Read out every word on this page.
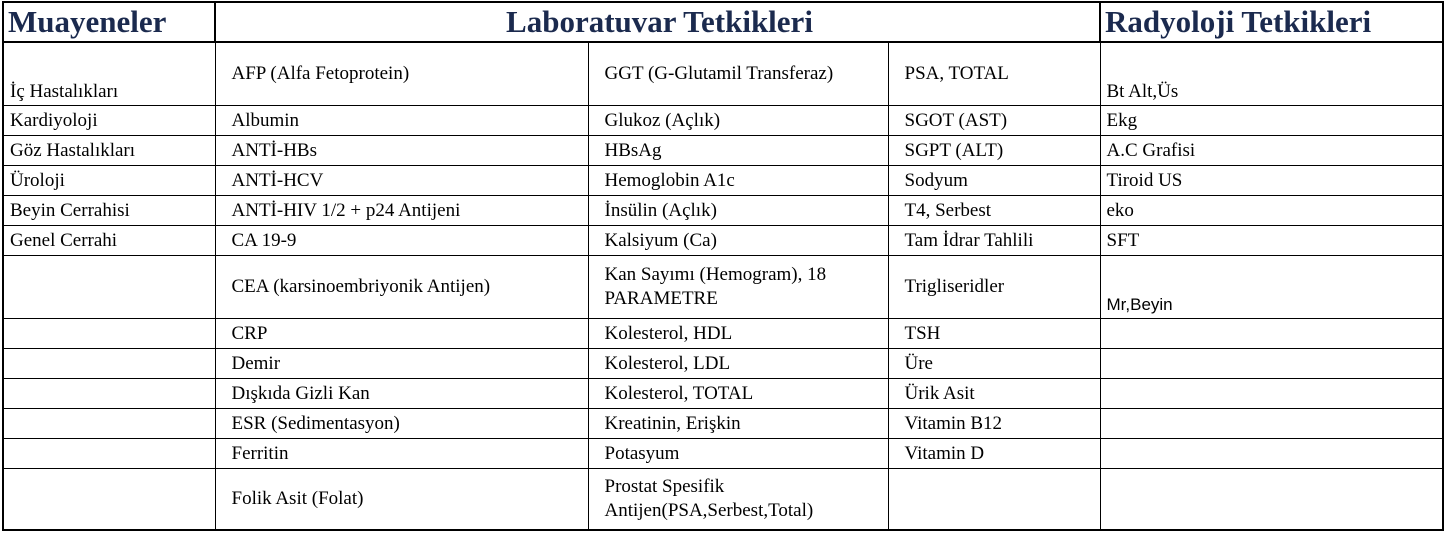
Muayeneler	Laboratuvar Tetkikleri			Radyoloji Tetkikleri
İç Hastalıkları	AFP (Alfa Fetoprotein)	GGT (G-Glutamil Transferaz)	PSA, TOTAL	Bt Alt,Üs
Kardiyoloji	Albumin	Glukoz (Açlık)	SGOT (AST)	Ekg
Göz Hastalıkları	ANTİ-HBs	HBsAg	SGPT (ALT)	A.C Grafisi
Üroloji	ANTİ-HCV	Hemoglobin A1c	Sodyum	Tiroid US
Beyin Cerrahisi	ANTİ-HIV 1/2 + p24 Antijeni	İnsülin (Açlık)	T4, Serbest	eko
Genel Cerrahi	CA 19-9	Kalsiyum (Ca)	Tam İdrar Tahlili	SFT
	CEA (karsinoembriyonik Antijen)	Kan Sayımı (Hemogram), 18 PARAMETRE	Trigliseridler	Mr,Beyin
	CRP	Kolesterol, HDL	TSH	
	Demir	Kolesterol, LDL	Üre	
	Dışkıda Gizli Kan	Kolesterol, TOTAL	Ürik Asit	
	ESR (Sedimentasyon)	Kreatinin, Erişkin	Vitamin B12	
	Ferritin	Potasyum	Vitamin D	
	Folik Asit (Folat)	Prostat Spesifik Antijen(PSA,Serbest,Total)		
